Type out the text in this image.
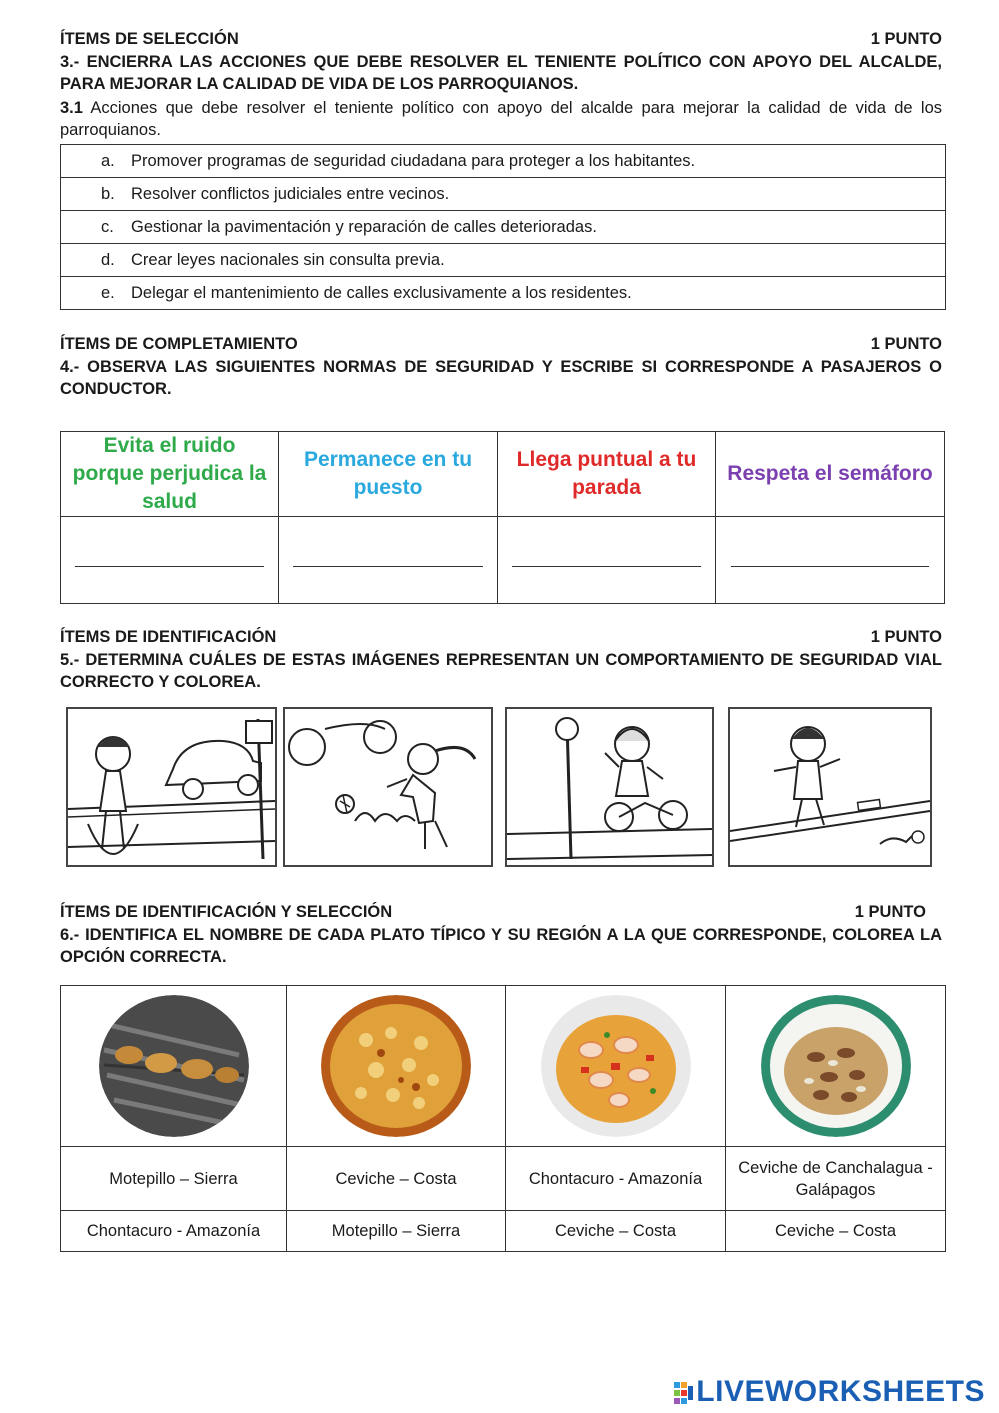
ÍTEMS DE SELECCIÓN	1 PUNTO
3.- ENCIERRA LAS ACCIONES QUE DEBE RESOLVER EL TENIENTE POLÍTICO CON APOYO DEL ALCALDE, PARA MEJORAR LA CALIDAD DE VIDA DE LOS PARROQUIANOS.
3.1 Acciones que debe resolver el teniente político con apoyo del alcalde para mejorar la calidad de vida de los parroquianos.
a. Promover programas de seguridad ciudadana para proteger a los habitantes.
b. Resolver conflictos judiciales entre vecinos.
c. Gestionar la pavimentación y reparación de calles deterioradas.
d. Crear leyes nacionales sin consulta previa.
e. Delegar el mantenimiento de calles exclusivamente a los residentes.
ÍTEMS DE COMPLETAMIENTO	1 PUNTO
4.- OBSERVA LAS SIGUIENTES NORMAS DE SEGURIDAD Y ESCRIBE SI CORRESPONDE A PASAJEROS O CONDUCTOR.
Evita el ruido porque perjudica la salud	Permanece en tu puesto	Llega puntual a tu parada	Respeta el semáforo

ÍTEMS DE IDENTIFICACIÓN	1 PUNTO
5.- DETERMINA CUÁLES DE ESTAS IMÁGENES REPRESENTAN UN COMPORTAMIENTO DE SEGURIDAD VIAL CORRECTO Y COLOREA.
ÍTEMS DE IDENTIFICACIÓN Y SELECCIÓN	1 PUNTO
6.- IDENTIFICA EL NOMBRE DE CADA PLATO TÍPICO Y SU REGIÓN A LA QUE CORRESPONDE, COLOREA LA OPCIÓN CORRECTA.

Motepillo – Sierra	Ceviche – Costa	Chontacuro - Amazonía	Ceviche de Canchalagua - Galápagos
Chontacuro - Amazonía	Motepillo – Sierra	Ceviche – Costa	Ceviche – Costa
LIVEWORKSHEETS
